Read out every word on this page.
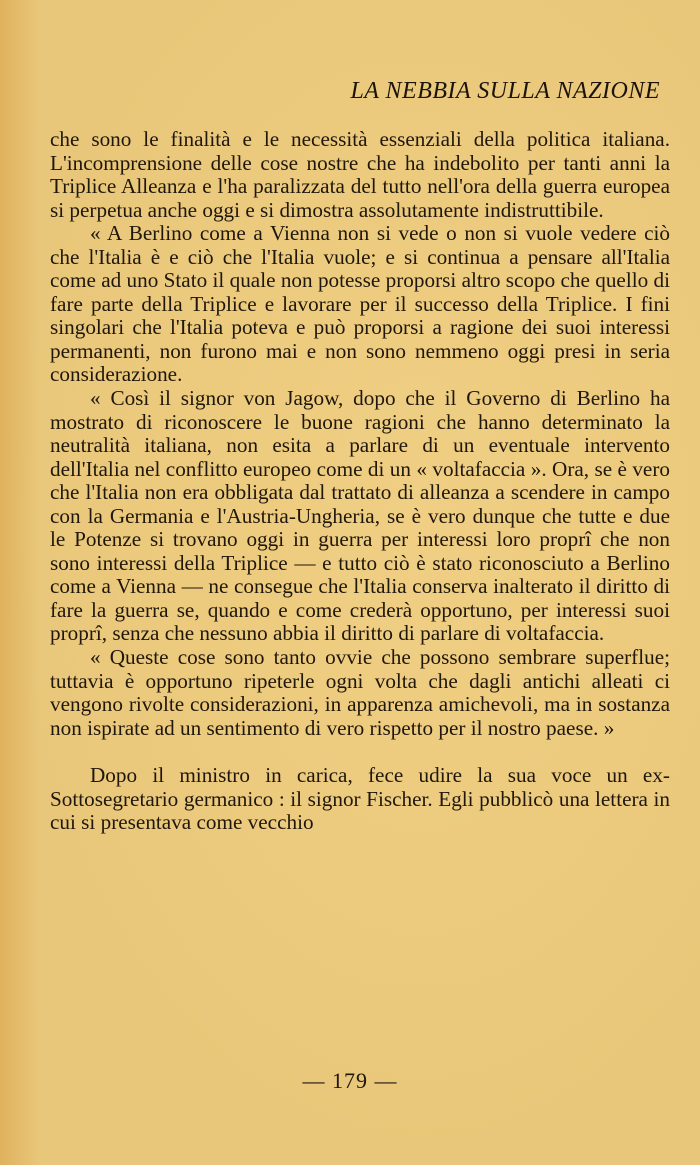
LA NEBBIA SULLA NAZIONE

che sono le finalità e le necessità essenziali della politica italiana. L'incomprensione delle cose nostre che ha indebolito per tanti anni la Triplice Alleanza e l'ha paralizzata del tutto nell'ora della guerra europea si perpetua anche oggi e si dimostra assolutamente indistruttibile.

« A Berlino come a Vienna non si vede o non si vuole vedere ciò che l'Italia è e ciò che l'Italia vuole; e si continua a pensare all'Italia come ad uno Stato il quale non potesse proporsi altro scopo che quello di fare parte della Triplice e lavorare per il successo della Triplice. I fini singolari che l'Italia poteva e può proporsi a ragione dei suoi interessi permanenti, non furono mai e non sono nemmeno oggi presi in seria considerazione.

« Così il signor von Jagow, dopo che il Governo di Berlino ha mostrato di riconoscere le buone ragioni che hanno determinato la neutralità italiana, non esita a parlare di un eventuale intervento dell'Italia nel conflitto europeo come di un « voltafaccia ». Ora, se è vero che l'Italia non era obbligata dal trattato di alleanza a scendere in campo con la Germania e l'Austria-Ungheria, se è vero dunque che tutte e due le Potenze si trovano oggi in guerra per interessi loro proprî che non sono interessi della Triplice — e tutto ciò è stato riconosciuto a Berlino come a Vienna — ne consegue che l'Italia conserva inalterato il diritto di fare la guerra se, quando e come crederà opportuno, per interessi suoi proprî, senza che nessuno abbia il diritto di parlare di voltafaccia.

« Queste cose sono tanto ovvie che possono sembrare superflue; tuttavia è opportuno ripeterle ogni volta che dagli antichi alleati ci vengono rivolte considerazioni, in apparenza amichevoli, ma in sostanza non ispirate ad un sentimento di vero rispetto per il nostro paese. »

Dopo il ministro in carica, fece udire la sua voce un ex-Sottosegretario germanico : il signor Fischer. Egli pubblicò una lettera in cui si presentava come vecchio

— 179 —
